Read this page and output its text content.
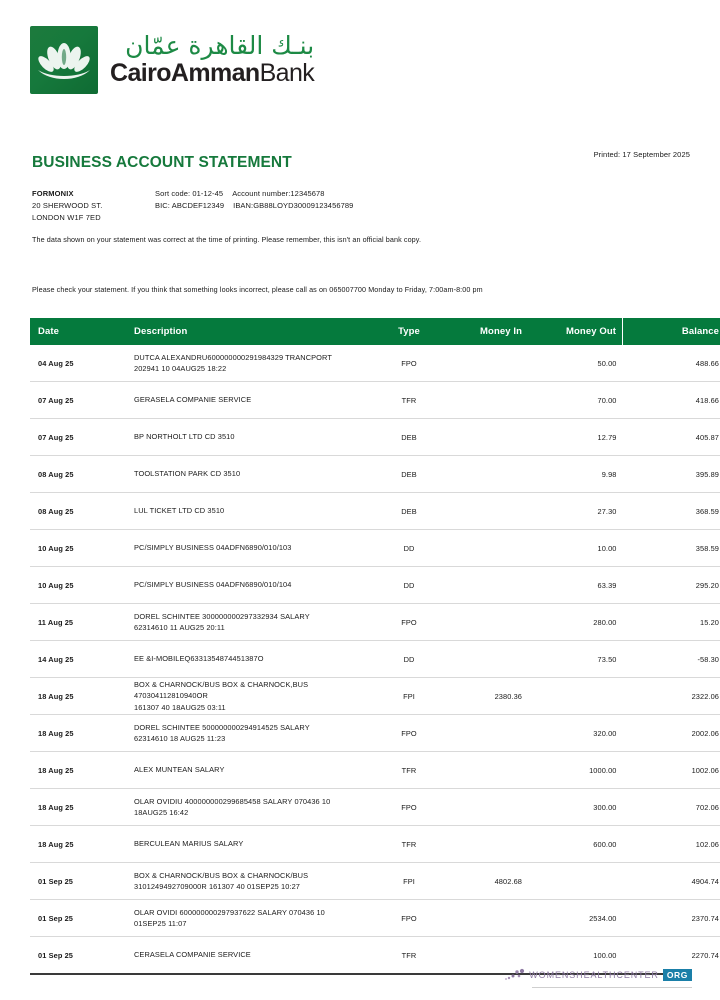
بنـك القاهرة عمّان
CairoAmmanBank
BUSINESS ACCOUNT STATEMENT	Printed: 17 September 2025
FORMONIX
20 SHERWOOD ST.
LONDON W1F 7ED
Sort code: 01-12-45 Account number:12345678
BIC: ABCDEF12349 IBAN:GB88LOYD30009123456789
The data shown on your statement was correct at the time of printing. Please remember, this isn't an official bank copy.
Please check your statement. If you think that something looks incorrect, please call as on 065007700 Monday to Friday, 7:00am-8:00 pm
Date	Description	Type	Money In	Money Out	Balance
04 Aug 25	DUTCA ALEXANDRU600000000291984329 TRANCPORT
202941 10 04AUG25 18:22	FPO		50.00	488.66
07 Aug 25	GERASELA COMPANIE SERVICE	TFR		70.00	418.66
07 Aug 25	BP NORTHOLT LTD CD 3510	DEB		12.79	405.87
08 Aug 25	TOOLSTATION PARK CD 3510	DEB		9.98	395.89
08 Aug 25	LUL TICKET LTD CD 3510	DEB		27.30	368.59
10 Aug 25	PC/SIMPLY BUSINESS 04ADFN6890/010/103	DD		10.00	358.59
10 Aug 25	PC/SIMPLY BUSINESS 04ADFN6890/010/104	DD		63.39	295.20
11 Aug 25	DOREL SCHINTEE 300000000297332934 SALARY
62314610 11 AUG25 20:11	FPO		280.00	15.20
14 Aug 25	EE &I-MOBILEQ6331354874451387O	DD		73.50	-58.30
18 Aug 25	BOX & CHARNOCK/BUS BOX & CHARNOCK,BUS 470304112810940OR
161307 40 18AUG25 03:11	FPI	2380.36		2322.06
18 Aug 25	DOREL SCHINTEE 500000000294914525 SALARY
62314610 18 AUG25 11:23	FPO		320.00	2002.06
18 Aug 25	ALEX MUNTEAN SALARY	TFR		1000.00	1002.06
18 Aug 25	OLAR OVIDIU 400000000299685458 SALARY 070436 10
18AUG25 16:42	FPO		300.00	702.06
18 Aug 25	BERCULEAN MARIUS SALARY	TFR		600.00	102.06
01 Sep 25	BOX & CHARNOCK/BUS BOX & CHARNOCK/BUS
3101249492709000R 161307 40 01SEP25 10:27	FPI	4802.68		4904.74
01 Sep 25	OLAR OVIDI 600000000297937622 SALARY 070436 10
01SEP25 11:07	FPO		2534.00	2370.74
01 Sep 25	CERASELA COMPANIE SERVICE	TFR		100.00	2270.74
WOMENSHEALTHCENTER ORG
